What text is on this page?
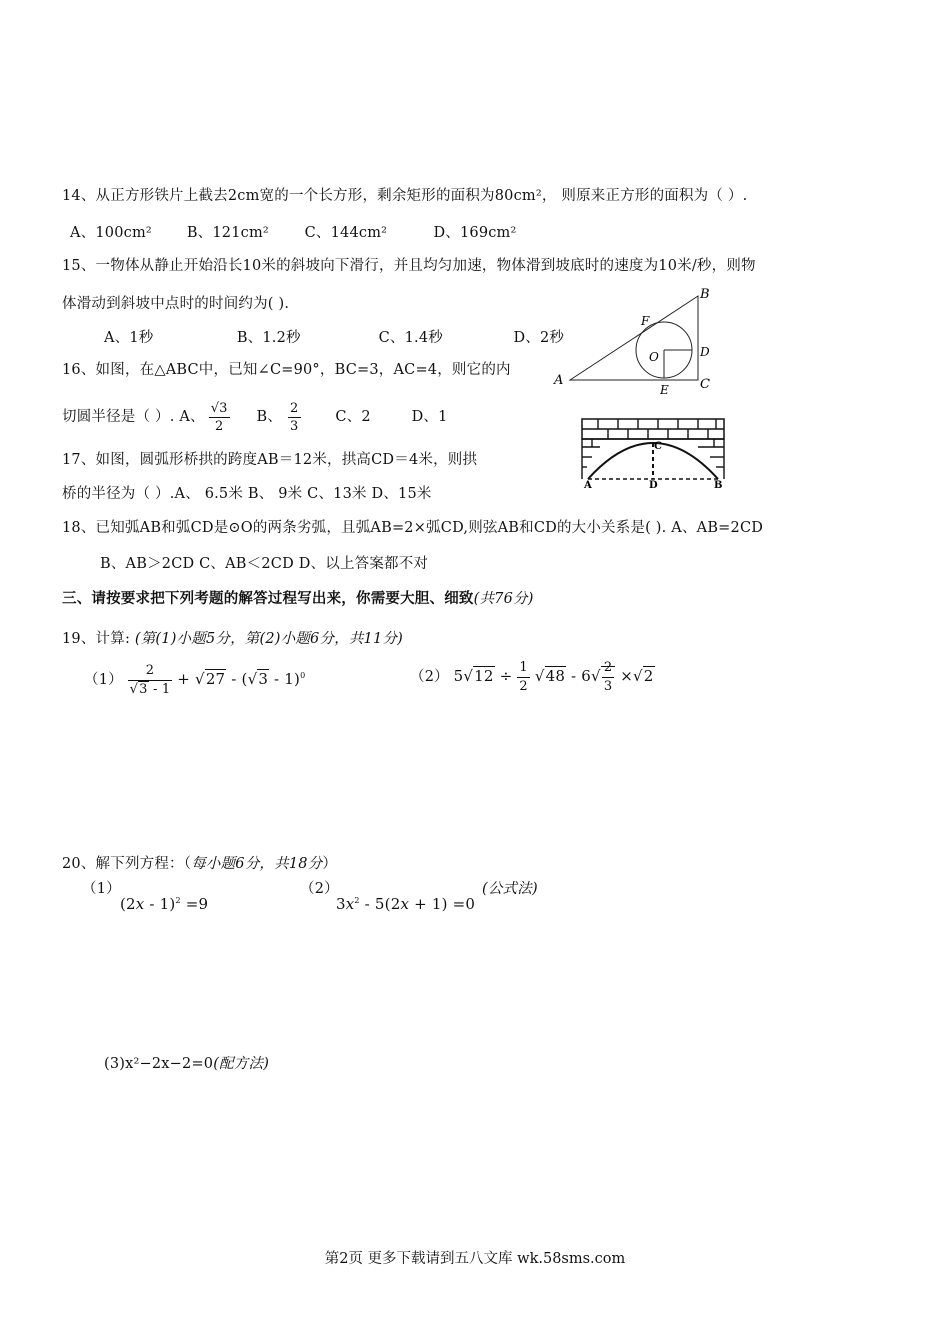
14、从正方形铁片上截去2cm宽的一个长方形，剩余矩形的面积为80cm²， 则原来正方形的面积为（ ）.
A、100cm² B、121cm² C、144cm²	D、169cm²
15、一物体从静止开始沿长10米的斜坡向下滑行，并且均匀加速，物体滑到坡底时的速度为10米/秒，则物
体滑动到斜坡中点时的时间约为( ).
A、1秒	B、1.2秒	C、1.4秒	D、2秒
A
B
C
D
E
F
O
16、如图，在△ABC中，已知∠C=90°，BC=3，AC=4，则它的内
切圆半径是（ ）. A、 $\frac{√3}{2}$ B、 $\frac{2}{3}$ C、2	D、1
A	B
C
D
17、如图，圆弧形桥拱的跨度AB＝12米，拱高CD＝4米，则拱
桥的半径为（ ）.A、 6.5米 B、 9米 C、13米 D、15米
18、已知弧AB和弧CD是⊙O的两条劣弧，且弧AB=2×弧CD,则弦AB和CD的大小关系是( ). A、AB=2CD
B、AB＞2CD C、AB＜2CD D、以上答案都不对
三、请按要求把下列考题的解答过程写出来，你需要大胆、细致(共76分)
19、计算: (第(1)小题5分，第(2)小题6分，共11分)
$(1) \frac{2}{√3 - 1} + √27 - (√3 - 1)^0$	（2） $5√12 \div \frac{1}{2} √48 - 6√ \frac{2}{3} \times√2$
20、解下列方程：（每小题6分，共18分）
（1）
(2x - 1)$^2$ =9
（2）
$3x^2 - 5(2x + 1) =0$
(公式法)
(3)x²−2x−2=0(配方法)
第2页 更多下载请到五八文库 wk.58sms.com
